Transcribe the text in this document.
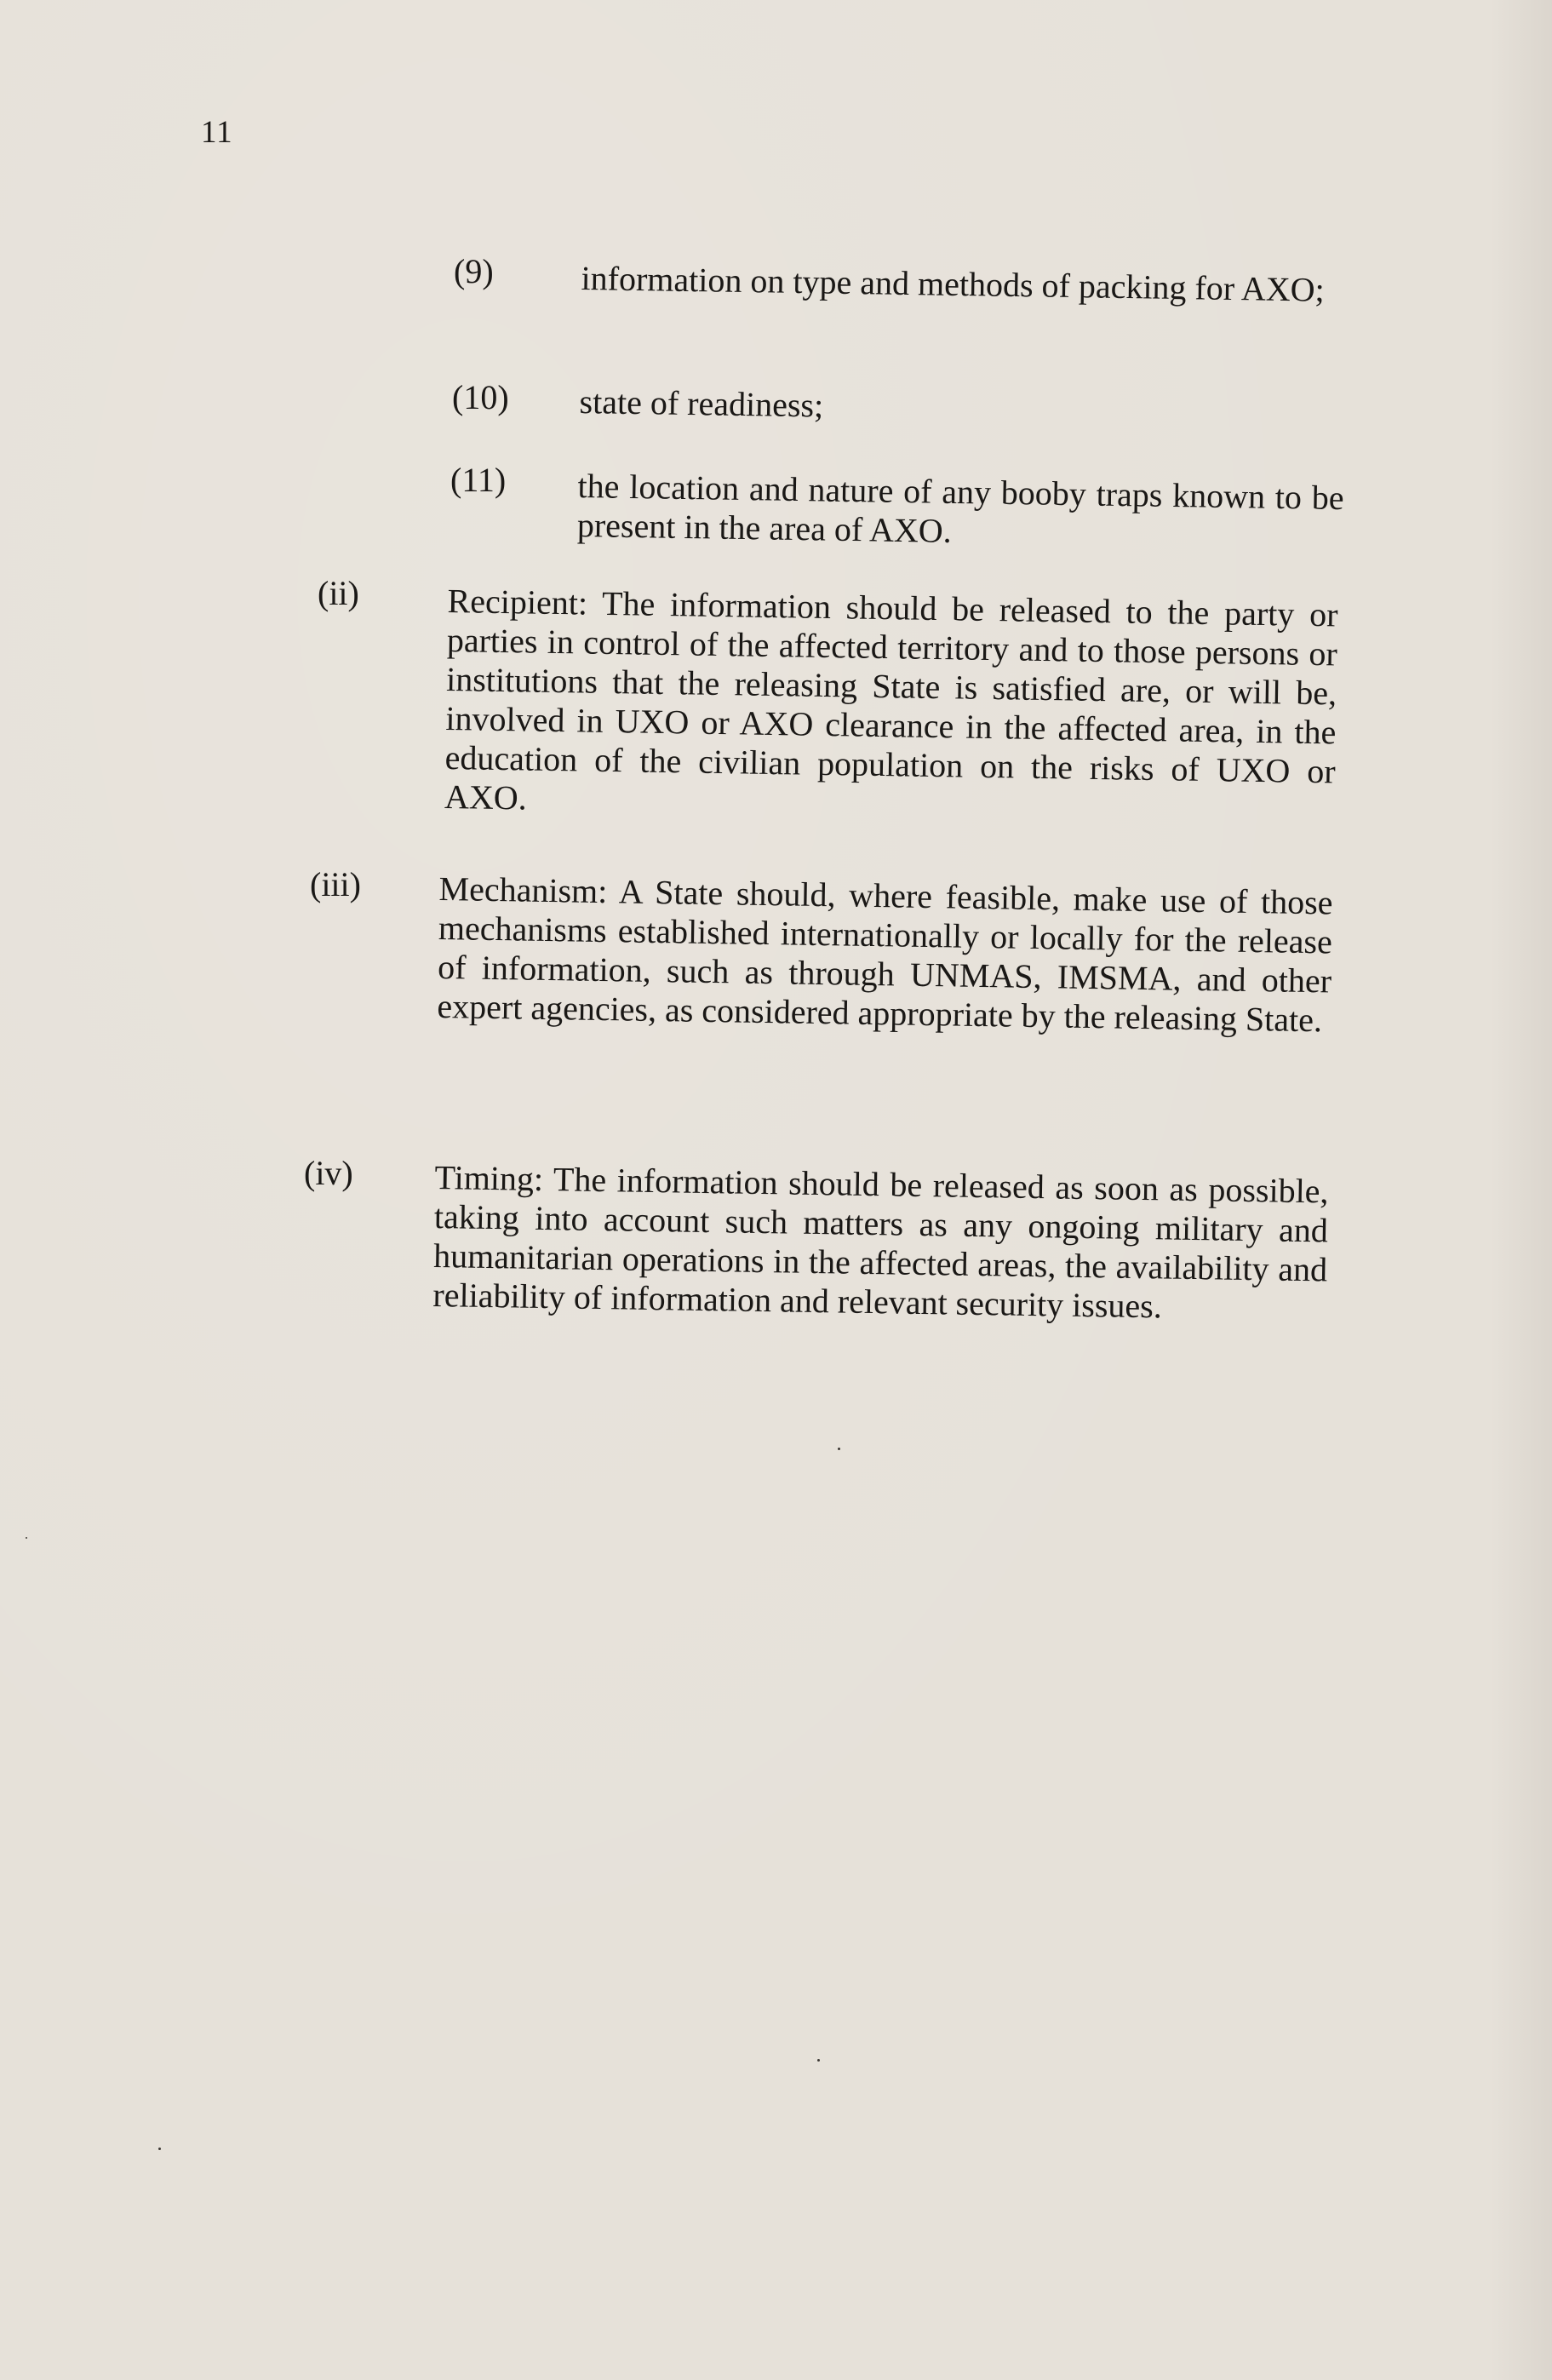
11
(9)	information on type and methods of packing for AXO;
(10) state of readiness;
(11) the location and nature of any booby traps known to be present in the area of AXO.
(ii)	Recipient: The information should be released to the party or parties in control of the affected territory and to those persons or institutions that the releasing State is satisfied are, or will be, involved in UXO or AXO clearance in the affected area, in the education of the civilian population on the risks of UXO or AXO.
(iii) Mechanism: A State should, where feasible, make use of those mechanisms established internationally or locally for the release of information, such as through UNMAS, IMSMA, and other expert agencies, as considered appropriate by the releasing State.
(iv) Timing: The information should be released as soon as possible, taking into account such matters as any ongoing military and humanitarian operations in the affected areas, the availability and reliability of information and relevant security issues.
